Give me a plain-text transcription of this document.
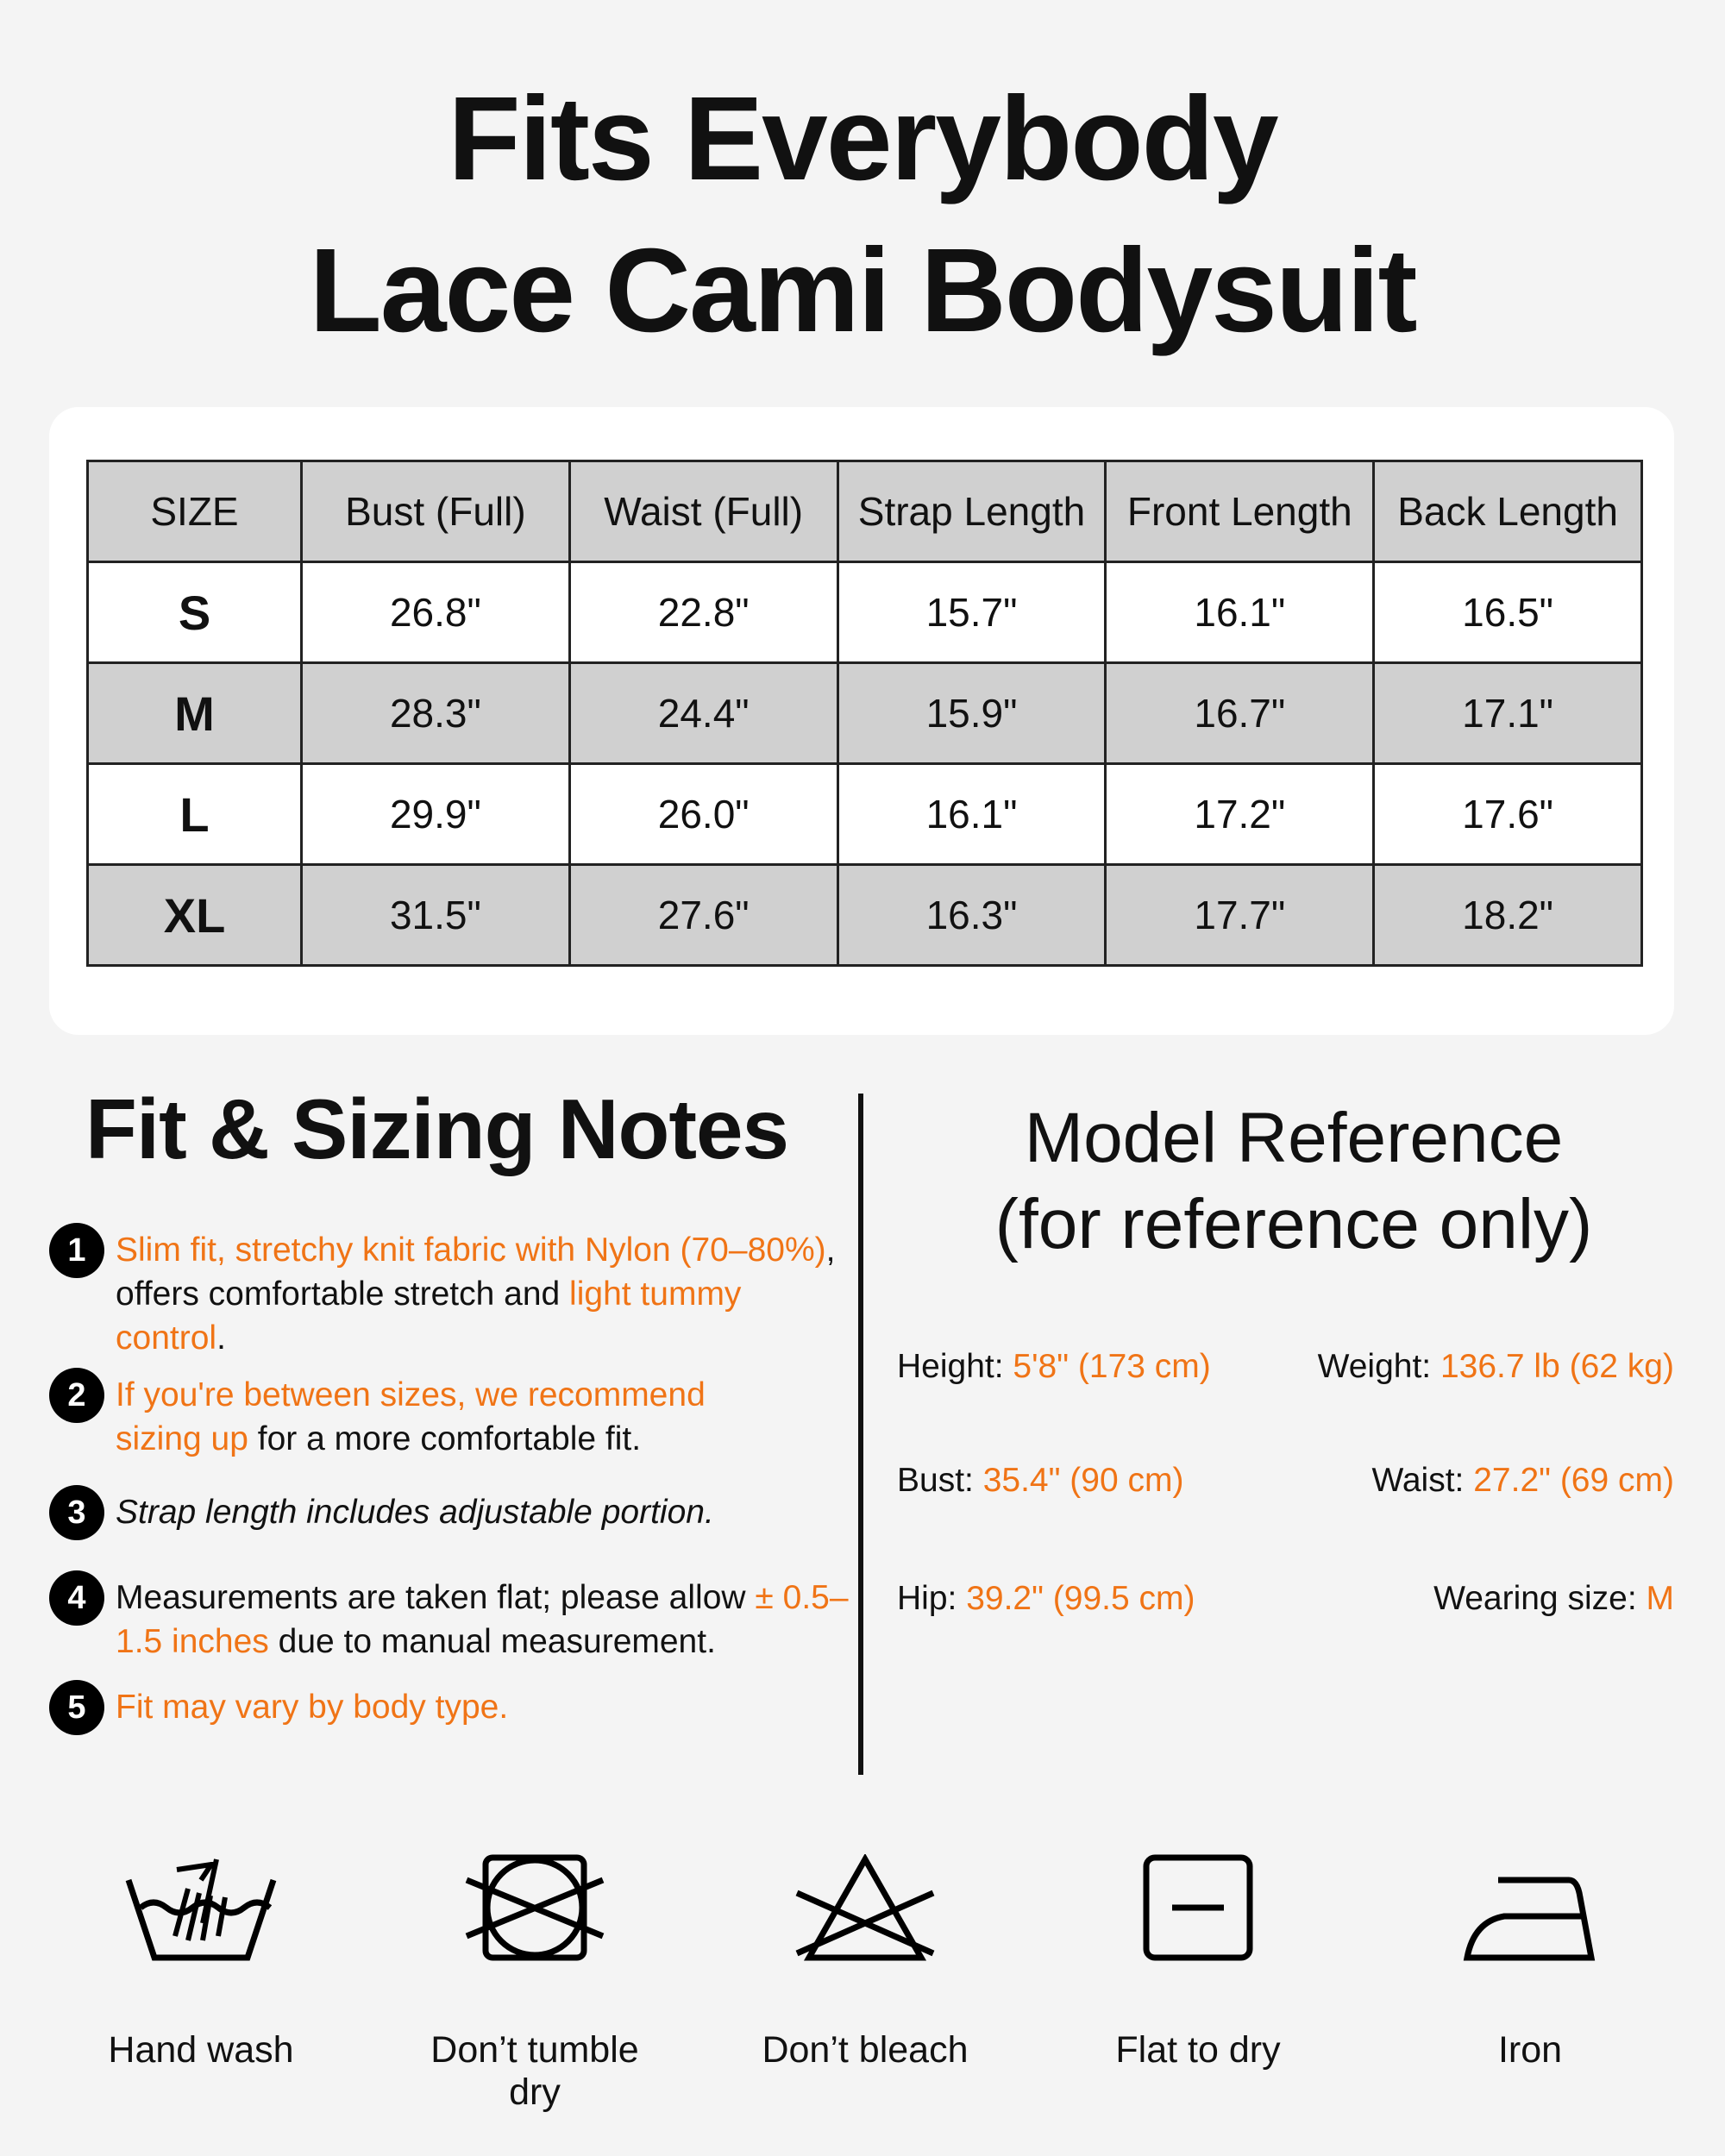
Fits Everybody
Lace Cami Bodysuit
SIZE	Bust (Full)	Waist (Full)	Strap Length	Front Length	Back Length
S	26.8"	22.8"	15.7"	16.1"	16.5"
M	28.3"	24.4"	15.9"	16.7"	17.1"
L	29.9"	26.0"	16.1"	17.2"	17.6"
XL	31.5"	27.6"	16.3"	17.7"	18.2"
Fit & Sizing Notes
1 Slim fit, stretchy knit fabric with Nylon (70–80%), offers comfortable stretch and light tummy control.
2 If you're between sizes, we recommend sizing up for a more comfortable fit.
3 Strap length includes adjustable portion.
4 Measurements are taken flat; please allow ± 0.5–1.5 inches due to manual measurement.
5 Fit may vary by body type.
Model Reference
(for reference only)
Height: 5'8" (173 cm)	Weight: 136.7 lb (62 kg)
Bust: 35.4" (90 cm)	Waist: 27.2" (69 cm)
Hip: 39.2" (99.5 cm)	Wearing size: M
Hand wash	Don’t tumble dry
Don’t bleach	Flat to dry	Iron
